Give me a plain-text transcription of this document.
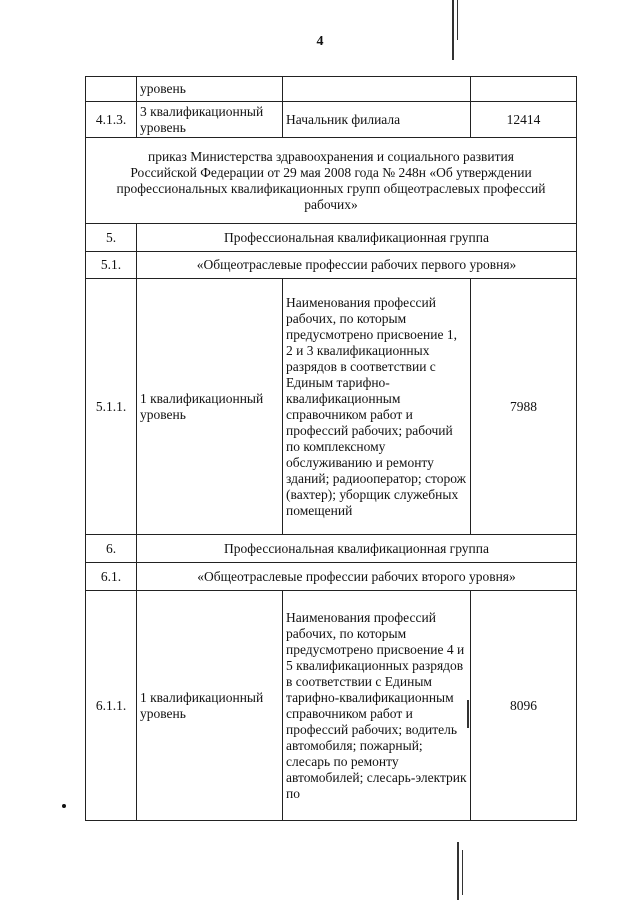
4
	уровень		
4.1.3.	3 квалификационный уровень	Начальник филиала	12414
приказ Министерства здравоохранения и социального развития Российской Федерации от 29 мая 2008 года № 248н «Об утверждении профессиональных квалификационных групп общеотраслевых профессий рабочих»			
5.	Профессиональная квалификационная группа		
5.1.	«Общеотраслевые профессии рабочих первого уровня»		
5.1.1.	1 квалификационный уровень	Наименования профессий рабочих, по которым предусмотрено присвоение 1, 2 и 3 квалификационных разрядов в соответствии с Единым тарифно-квалификационным справочником работ и профессий рабочих; рабочий по комплексному обслуживанию и ремонту зданий; радиооператор; сторож (вахтер); уборщик служебных помещений	7988
6.	Профессиональная квалификационная группа		
6.1.	«Общеотраслевые профессии рабочих второго уровня»		
6.1.1.	1 квалификационный уровень	Наименования профессий рабочих, по которым предусмотрено присвоение 4 и 5 квалификационных разрядов в соответствии с Единым тарифно-квалификационным справочником работ и профессий рабочих; водитель автомобиля; пожарный; слесарь по ремонту автомобилей; слесарь-электрик по	8096
